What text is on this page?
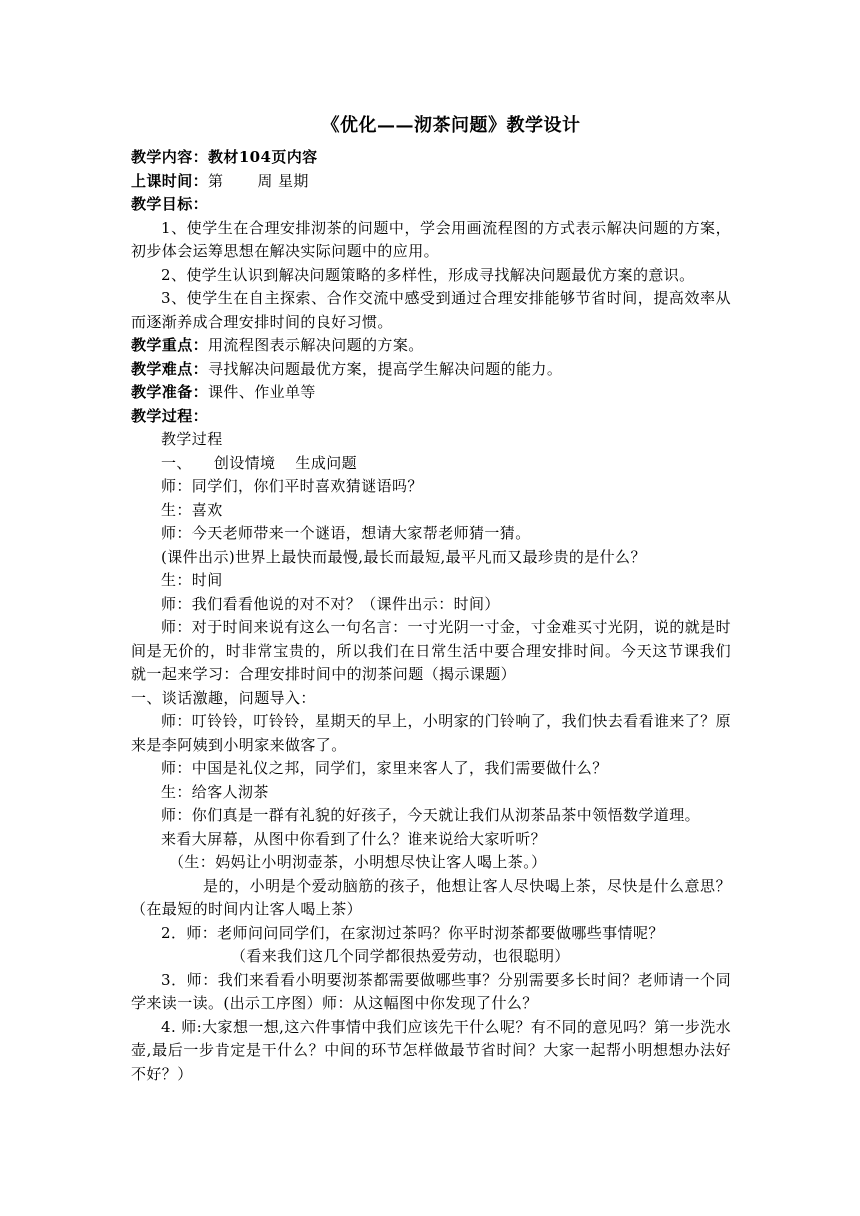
《优化——沏茶问题》教学设计

教学内容：教材104页内容

上课时间：第 周 星期

教学目标：

1、使学生在合理安排沏茶的问题中，学会用画流程图的方式表示解决问题的方案，初步体会运筹思想在解决实际问题中的应用。

2、使学生认识到解决问题策略的多样性，形成寻找解决问题最优方案的意识。

3、使学生在自主探索、合作交流中感受到通过合理安排能够节省时间，提高效率从而逐渐养成合理安排时间的良好习惯。

教学重点：用流程图表示解决问题的方案。

教学难点：寻找解决问题最优方案，提高学生解决问题的能力。

教学准备：课件、作业单等

教学过程：

教学过程

一、 创设情境 生成问题

师：同学们，你们平时喜欢猜谜语吗？

生：喜欢

师：今天老师带来一个谜语，想请大家帮老师猜一猜。

(课件出示)世界上最快而最慢,最长而最短,最平凡而又最珍贵的是什么？

生：时间

师：我们看看他说的对不对？（课件出示：时间）

师：对于时间来说有这么一句名言：一寸光阴一寸金，寸金难买寸光阴，说的就是时间是无价的，时非常宝贵的，所以我们在日常生活中要合理安排时间。今天这节课我们就一起来学习：合理安排时间中的沏茶问题（揭示课题）

一、谈话激趣，问题导入：

师：叮铃铃，叮铃铃，星期天的早上，小明家的门铃响了，我们快去看看谁来了？原来是李阿姨到小明家来做客了。

师：中国是礼仪之邦，同学们，家里来客人了，我们需要做什么？

生：给客人沏茶

师：你们真是一群有礼貌的好孩子，今天就让我们从沏茶品茶中领悟数学道理。

来看大屏幕，从图中你看到了什么？谁来说给大家听听？

（生：妈妈让小明沏壶茶，小明想尽快让客人喝上茶。）

是的，小明是个爱动脑筋的孩子，他想让客人尽快喝上茶，尽快是什么意思？（在最短的时间内让客人喝上茶）

2．师：老师问问同学们，在家沏过茶吗？你平时沏茶都要做哪些事情呢？

（看来我们这几个同学都很热爱劳动，也很聪明）

3．师：我们来看看小明要沏茶都需要做哪些事？分别需要多长时间？老师请一个同学来读一读。(出示工序图）师：从这幅图中你发现了什么？

4. 师:大家想一想,这六件事情中我们应该先干什么呢？有不同的意见吗？第一步洗水壶,最后一步肯定是干什么？中间的环节怎样做最节省时间？大家一起帮小明想想办法好不好？）
